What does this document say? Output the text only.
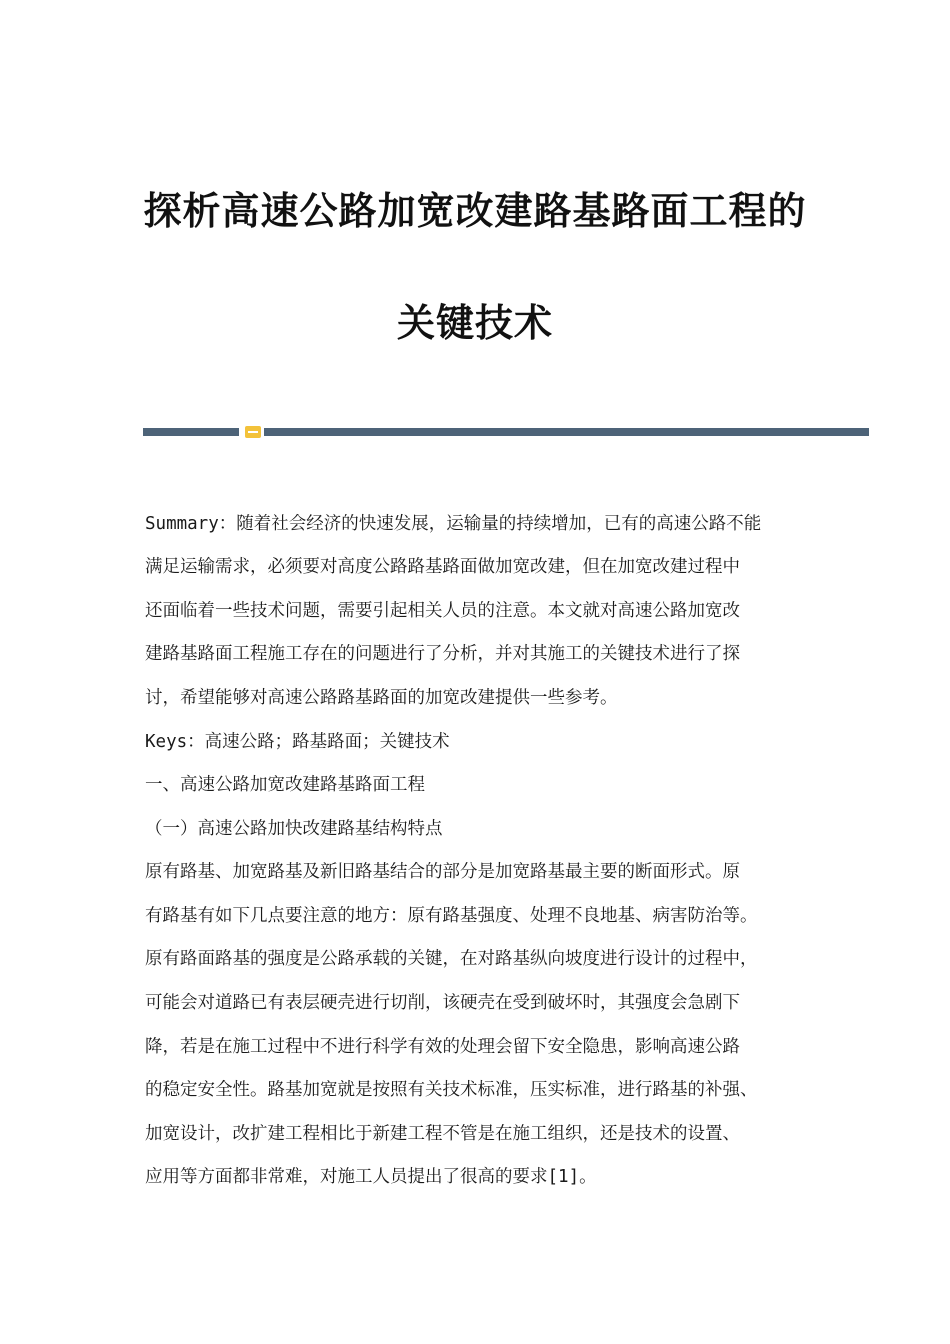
探析高速公路加宽改建路基路面工程的
关键技术
Summary：随着社会经济的快速发展，运输量的持续增加，已有的高速公路不能
满足运输需求，必须要对高度公路路基路面做加宽改建，但在加宽改建过程中
还面临着一些技术问题，需要引起相关人员的注意。本文就对高速公路加宽改
建路基路面工程施工存在的问题进行了分析，并对其施工的关键技术进行了探
讨，希望能够对高速公路路基路面的加宽改建提供一些参考。
Keys：高速公路；路基路面；关键技术
一、高速公路加宽改建路基路面工程
（一）高速公路加快改建路基结构特点
原有路基、加宽路基及新旧路基结合的部分是加宽路基最主要的断面形式。原
有路基有如下几点要注意的地方：原有路基强度、处理不良地基、病害防治等。
原有路面路基的强度是公路承载的关键，在对路基纵向坡度进行设计的过程中，
可能会对道路已有表层硬壳进行切削，该硬壳在受到破坏时，其强度会急剧下
降，若是在施工过程中不进行科学有效的处理会留下安全隐患，影响高速公路
的稳定安全性。路基加宽就是按照有关技术标准，压实标准，进行路基的补强、
加宽设计，改扩建工程相比于新建工程不管是在施工组织，还是技术的设置、
应用等方面都非常难，对施工人员提出了很高的要求[1]。
